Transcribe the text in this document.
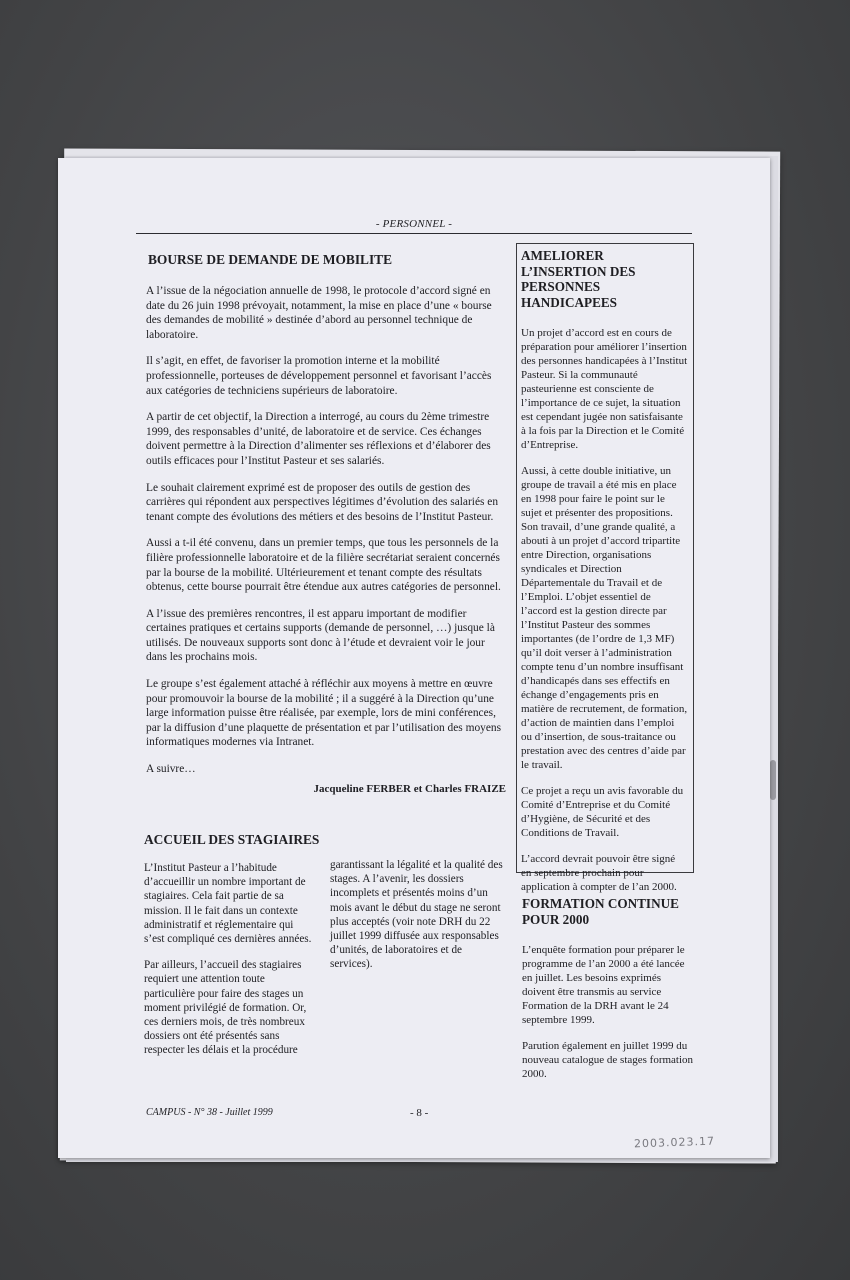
- PERSONNEL -

BOURSE DE DEMANDE DE MOBILITE

A l’issue de la négociation annuelle de 1998, le protocole d’accord signé en date du 26 juin 1998 prévoyait, notamment, la mise en place d’une « bourse des demandes de mobilité » destinée d’abord au personnel technique de laboratoire.

Il s’agit, en effet, de favoriser la promotion interne et la mobilité professionnelle, porteuses de développement personnel et favorisant l’accès aux catégories de techniciens supérieurs de laboratoire.

A partir de cet objectif, la Direction a interrogé, au cours du 2ème trimestre 1999, des responsables d’unité, de laboratoire et de service. Ces échanges doivent permettre à la Direction d’alimenter ses réflexions et d’élaborer des outils efficaces pour l’Institut Pasteur et ses salariés.

Le souhait clairement exprimé est de proposer des outils de gestion des carrières qui répondent aux perspectives légitimes d’évolution des salariés en tenant compte des évolutions des métiers et des besoins de l’Institut Pasteur.

Aussi a t-il été convenu, dans un premier temps, que tous les personnels de la filière professionnelle laboratoire et de la filière secrétariat seraient concernés par la bourse de la mobilité. Ultérieurement et tenant compte des résultats obtenus, cette bourse pourrait être étendue aux autres catégories de personnel.

A l’issue des premières rencontres, il est apparu important de modifier certaines pratiques et certains supports (demande de personnel, …) jusque là utilisés. De nouveaux supports sont donc à l’étude et devraient voir le jour dans les prochains mois.

Le groupe s’est également attaché à réfléchir aux moyens à mettre en œuvre pour promouvoir la bourse de la mobilité ; il a suggéré à la Direction qu’une large information puisse être réalisée, par exemple, lors de mini conférences, par la diffusion d’une plaquette de présentation et par l’utilisation des moyens informatiques modernes via Intranet.

A suivre…

Jacqueline FERBER et Charles FRAIZE

ACCUEIL DES STAGIAIRES

L’Institut Pasteur a l’habitude d’accueillir un nombre important de stagiaires. Cela fait partie de sa mission. Il le fait dans un contexte administratif et réglementaire qui s’est compliqué ces dernières années.

Par ailleurs, l’accueil des stagiaires requiert une attention toute particulière pour faire des stages un moment privilégié de formation. Or, ces derniers mois, de très nombreux dossiers ont été présentés sans respecter les délais et la procédure

garantissant la légalité et la qualité des stages. A l’avenir, les dossiers incomplets et présentés moins d’un mois avant le début du stage ne seront plus acceptés (voir note DRH du 22 juillet 1999 diffusée aux responsables d’unités, de laboratoires et de services).

AMELIORER L’INSERTION DES PERSONNES HANDICAPEES

Un projet d’accord est en cours de préparation pour améliorer l’insertion des personnes handicapées à l’Institut Pasteur. Si la communauté pasteurienne est consciente de l’importance de ce sujet, la situation est cependant jugée non satisfaisante à la fois par la Direction et le Comité d’Entreprise.

Aussi, à cette double initiative, un groupe de travail a été mis en place en 1998 pour faire le point sur le sujet et présenter des propositions. Son travail, d’une grande qualité, a abouti à un projet d’accord tripartite entre Direction, organisations syndicales et Direction Départementale du Travail et de l’Emploi. L’objet essentiel de l’accord est la gestion directe par l’Institut Pasteur des sommes importantes (de l’ordre de 1,3 MF) qu’il doit verser à l’administration compte tenu d’un nombre insuffisant d’handicapés dans ses effectifs en échange d’engagements pris en matière de recrutement, de formation, d’action de maintien dans l’emploi ou d’insertion, de sous-traitance ou prestation avec des centres d’aide par le travail.

Ce projet a reçu un avis favorable du Comité d’Entreprise et du Comité d’Hygiène, de Sécurité et des Conditions de Travail.

L’accord devrait pouvoir être signé en septembre prochain pour application à compter de l’an 2000.

FORMATION CONTINUE POUR 2000

L’enquête formation pour préparer le programme de l’an 2000 a été lancée en juillet. Les besoins exprimés doivent être transmis au service Formation de la DRH avant le 24 septembre 1999.

Parution également en juillet 1999 du nouveau catalogue de stages formation 2000.

CAMPUS - N° 38 - Juillet 1999	- 8 -
2003.023.17
